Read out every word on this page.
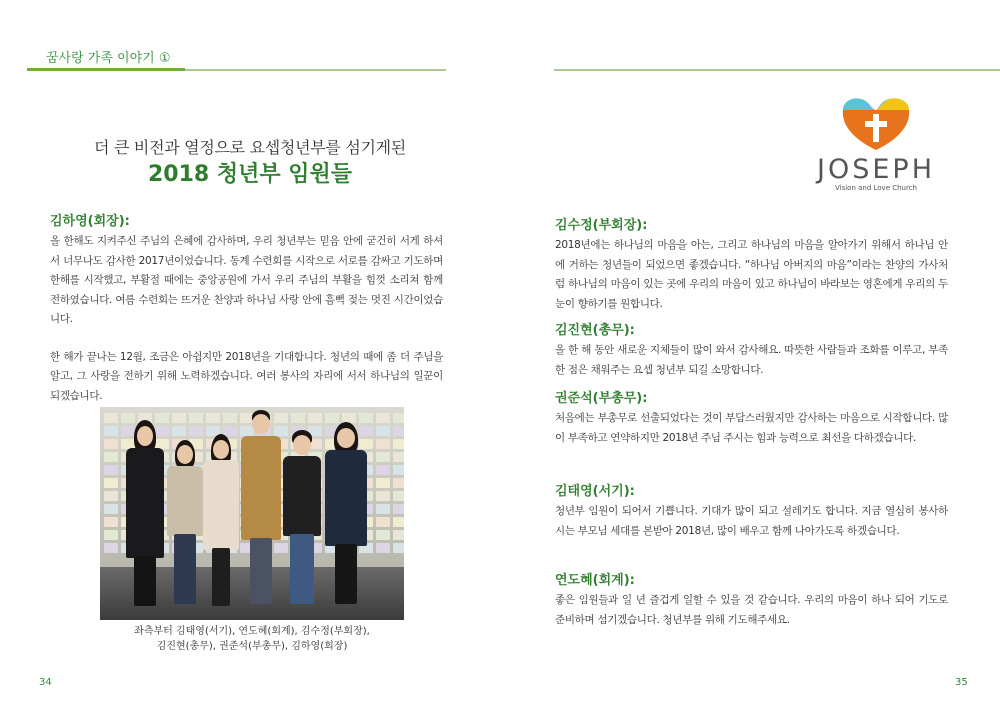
꿈사랑 가족 이야기 ①
더 큰 비전과 열정으로 요셉청년부를 섬기게된
2018 청년부 임원들
김하영(회장):
올 한해도 지켜주신 주님의 은혜에 감사하며, 우리 청년부는 믿음 안에 굳건히 서게 하셔서 너무나도 감사한 2017년이었습니다. 동계 수련회를 시작으로 서로를 감싸고 기도하며 한해를 시작했고, 부활절 때에는 중앙공원에 가서 우리 주님의 부활을 힘껏 소리쳐 함께 전하였습니다. 여름 수련회는 뜨거운 찬양과 하나님 사랑 안에 흠뻑 젖는 멋진 시간이었습니다.
한 해가 끝나는 12월, 조금은 아쉽지만 2018년을 기대합니다. 청년의 때에 좀 더 주님을 알고, 그 사랑을 전하기 위해 노력하겠습니다. 여러 봉사의 자리에 서서 하나님의 일꾼이 되겠습니다.
좌측부터 김태영(서기), 연도혜(회계), 김수정(부회장),
김진현(총무), 권준석(부총무), 김하영(회장)
34
JOSEPH
Vision and Love Church
김수정(부회장):
2018년에는 하나님의 마음을 아는, 그리고 하나님의 마음을 알아가기 위해서 하나님 안에 거하는 청년들이 되었으면 좋겠습니다. “하나님 아버지의 마음”이라는 찬양의 가사처럼 하나님의 마음이 있는 곳에 우리의 마음이 있고 하나님이 바라보는 영혼에게 우리의 두 눈이 향하기를 원합니다.
김진현(총무):
올 한 해 동안 새로운 지체들이 많이 와서 감사해요. 따뜻한 사람들과 조화를 이루고, 부족한 점은 채워주는 요셉 청년부 되길 소망합니다.
권준석(부총무):
처음에는 부총무로 선출되었다는 것이 부담스러웠지만 감사하는 마음으로 시작합니다. 많이 부족하고 연약하지만 2018년 주님 주시는 힘과 능력으로 최선을 다하겠습니다.
김태영(서기):
청년부 임원이 되어서 기쁩니다. 기대가 많이 되고 설레기도 합니다. 지금 열심히 봉사하시는 부모님 세대를 본받아 2018년, 많이 배우고 함께 나아가도록 하겠습니다.
연도혜(회계):
좋은 임원들과 일 년 즐겁게 일할 수 있을 것 같습니다. 우리의 마음이 하나 되어 기도로 준비하며 섬기겠습니다. 청년부를 위해 기도해주세요.
35
